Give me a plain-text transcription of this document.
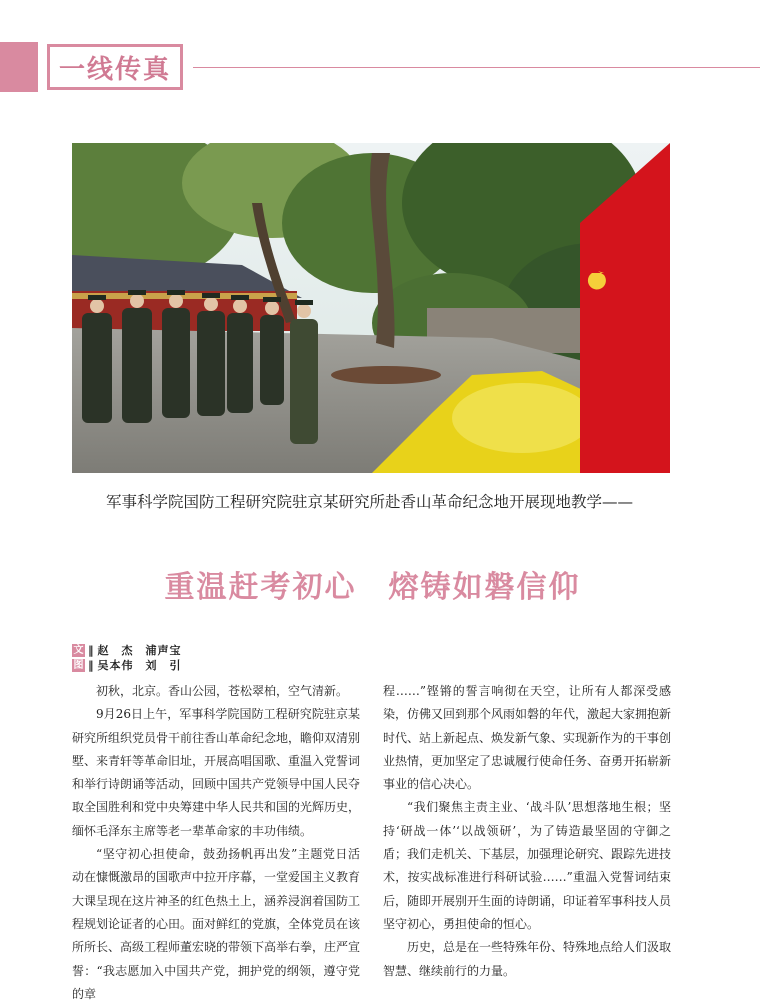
一线传真
军事科学院国防工程研究院驻京某研究所赴香山革命纪念地开展现地教学——
重温赶考初心　熔铸如磐信仰
文 ‖ 赵　杰　浦声宝
图 ‖ 吴本伟　刘　引

初秋，北京。香山公园，苍松翠柏，空气清新。

9月26日上午，军事科学院国防工程研究院驻京某研究所组织党员骨干前往香山革命纪念地，瞻仰双清别墅、来青轩等革命旧址，开展高唱国歌、重温入党誓词和举行诗朗诵等活动，回顾中国共产党领导中国人民夺取全国胜利和党中央筹建中华人民共和国的光辉历史，缅怀毛泽东主席等老一辈革命家的丰功伟绩。

“坚守初心担使命，鼓劲扬帆再出发”主题党日活动在慷慨激昂的国歌声中拉开序幕，一堂爱国主义教育大课呈现在这片神圣的红色热土上，涵养浸润着国防工程规划论证者的心田。面对鲜红的党旗，全体党员在该所所长、高级工程师董宏晓的带领下高举右拳，庄严宣誓：“我志愿加入中国共产党，拥护党的纲领，遵守党的章

程……”铿锵的誓言响彻在天空，让所有人都深受感染，仿佛又回到那个风雨如磐的年代，激起大家拥抱新时代、站上新起点、焕发新气象、实现新作为的干事创业热情，更加坚定了忠诚履行使命任务、奋勇开拓崭新事业的信心决心。

“我们聚焦主责主业、‘战斗队’思想落地生根；坚持‘研战一体’‘以战领研’，为了铸造最坚固的守御之盾；我们走机关、下基层，加强理论研究、跟踪先进技术，按实战标准进行科研试验……”重温入党誓词结束后，随即开展别开生面的诗朗诵，印证着军事科技人员坚守初心，勇担使命的恒心。

历史，总是在一些特殊年份、特殊地点给人们汲取智慧、继续前行的力量。
